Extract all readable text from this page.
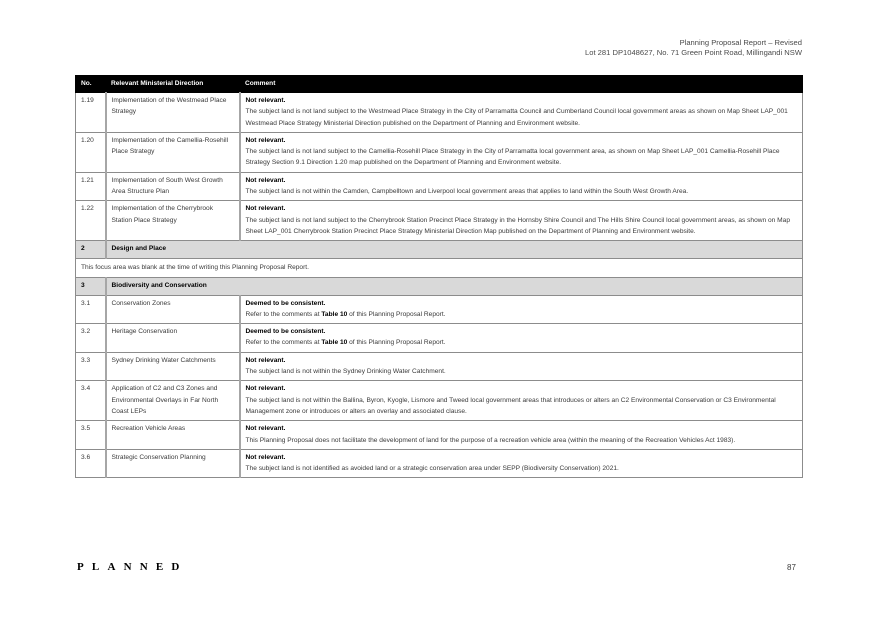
Planning Proposal Report – Revised
Lot 281 DP1048627, No. 71 Green Point Road, Millingandi NSW
No.	Relevant Ministerial Direction	Comment
1.19	Implementation of the Westmead Place Strategy	Not relevant.
The subject land is not land subject to the Westmead Place Strategy in the City of Parramatta Council and Cumberland Council local government areas as shown on Map Sheet LAP_001 Westmead Place Strategy Ministerial Direction published on the Department of Planning and Environment website.
1.20	Implementation of the Camellia-Rosehill Place Strategy	Not relevant.
The subject land is not land subject to the Camellia-Rosehill Place Strategy in the City of Parramatta local government area, as shown on Map Sheet LAP_001 Camellia-Rosehill Place Strategy Section 9.1 Direction 1.20 map published on the Department of Planning and Environment website.
1.21	Implementation of South West Growth Area Structure Plan	Not relevant.
The subject land is not within the Camden, Campbelltown and Liverpool local government areas that applies to land within the South West Growth Area.
1.22	Implementation of the Cherrybrook Station Place Strategy	Not relevant.
The subject land is not land subject to the Cherrybrook Station Precinct Place Strategy in the Hornsby Shire Council and The Hills Shire Council local government areas, as shown on Map Sheet LAP_001 Cherrybrook Station Precinct Place Strategy Ministerial Direction Map published on the Department of Planning and Environment website.
2	Design and Place	
This focus area was blank at the time of writing this Planning Proposal Report.		
3	Biodiversity and Conservation	
3.1	Conservation Zones	Deemed to be consistent.
Refer to the comments at Table 10 of this Planning Proposal Report.
3.2	Heritage Conservation	Deemed to be consistent.
Refer to the comments at Table 10 of this Planning Proposal Report.
3.3	Sydney Drinking Water Catchments	Not relevant.
The subject land is not within the Sydney Drinking Water Catchment.
3.4	Application of C2 and C3 Zones and Environmental Overlays in Far North Coast LEPs	Not relevant.
The subject land is not within the Ballina, Byron, Kyogle, Lismore and Tweed local government areas that introduces or alters an C2 Environmental Conservation or C3 Environmental Management zone or introduces or alters an overlay and associated clause.
3.5	Recreation Vehicle Areas	Not relevant.
This Planning Proposal does not facilitate the development of land for the purpose of a recreation vehicle area (within the meaning of the Recreation Vehicles Act 1983).
3.6	Strategic Conservation Planning	Not relevant.
The subject land is not identified as avoided land or a strategic conservation area under SEPP (Biodiversity Conservation) 2021.
PLANNED	87
